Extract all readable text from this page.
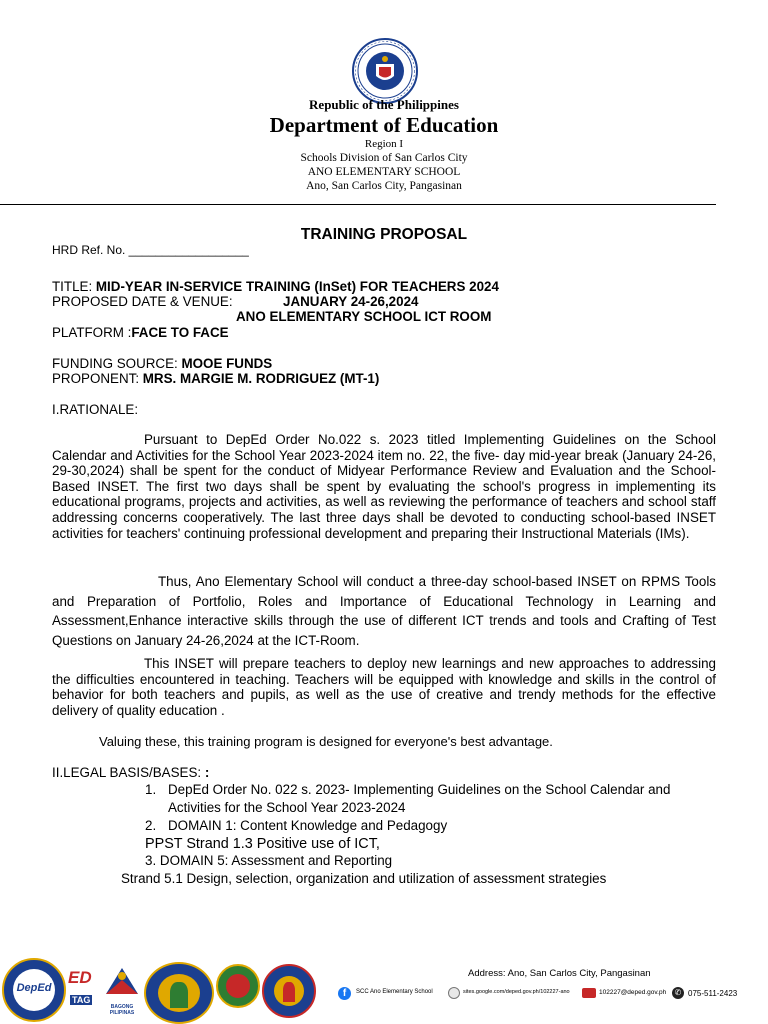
Republic of the Philippines
Department of Education
Region I
Schools Division of San Carlos City
ANO ELEMENTARY SCHOOL
Ano, San Carlos City, Pangasinan
TRAINING PROPOSAL
HRD Ref. No. __________________
TITLE: MID-YEAR IN-SERVICE TRAINING (InSet) FOR TEACHERS 2024
PROPOSED DATE & VENUE:	JANUARY 24-26,2024
ANO ELEMENTARY SCHOOL ICT ROOM
PLATFORM :FACE TO FACE
FUNDING SOURCE: MOOE FUNDS
PROPONENT: MRS. MARGIE M. RODRIGUEZ (MT-1)
I.RATIONALE:
Pursuant to DepEd Order No.022 s. 2023 titled Implementing Guidelines on the School Calendar and Activities for the School Year 2023-2024 item no. 22, the five- day mid-year break (January 24-26, 29-30,2024) shall be spent for the conduct of Midyear Performance Review and Evaluation and the School- Based INSET. The first two days shall be spent by evaluating the school's progress in implementing its educational programs, projects and activities, as well as reviewing the performance of teachers and school staff addressing concerns cooperatively. The last three days shall be devoted to conducting school-based INSET activities for teachers' continuing professional development and preparing their Instructional Materials (IMs).
Thus, Ano Elementary School will conduct a three-day school-based INSET on RPMS Tools and Preparation of Portfolio, Roles and Importance of Educational Technology in Learning and Assessment,Enhance interactive skills through the use of different ICT trends and tools and Crafting of Test Questions on January 24-26,2024 at the ICT-Room.
This INSET will prepare teachers to deploy new learnings and new approaches to addressing the difficulties encountered in teaching. Teachers will be equipped with knowledge and skills in the control of behavior for both teachers and pupils, as well as the use of creative and trendy methods for the effective delivery of quality education .
Valuing these, this training program is designed for everyone's best advantage.
II.LEGAL BASIS/BASES: :
1. DepEd Order No. 022 s. 2023- Implementing Guidelines on the School Calendar and
Activities for the School Year 2023-2024
2. DOMAIN 1: Content Knowledge and Pedagogy
PPST Strand 1.3 Positive use of ICT,
3. DOMAIN 5: Assessment and Reporting
Strand 5.1 Design, selection, organization and utilization of assessment strategies
DepEd
ED
TAG
BAGONG PILIPINAS
Address: Ano, San Carlos City, Pangasinan
f	SCC Ano Elementary School	sites.google.com/deped.gov.ph/102227-ano	102227@deped.gov.ph	✆ 075-511-2423
